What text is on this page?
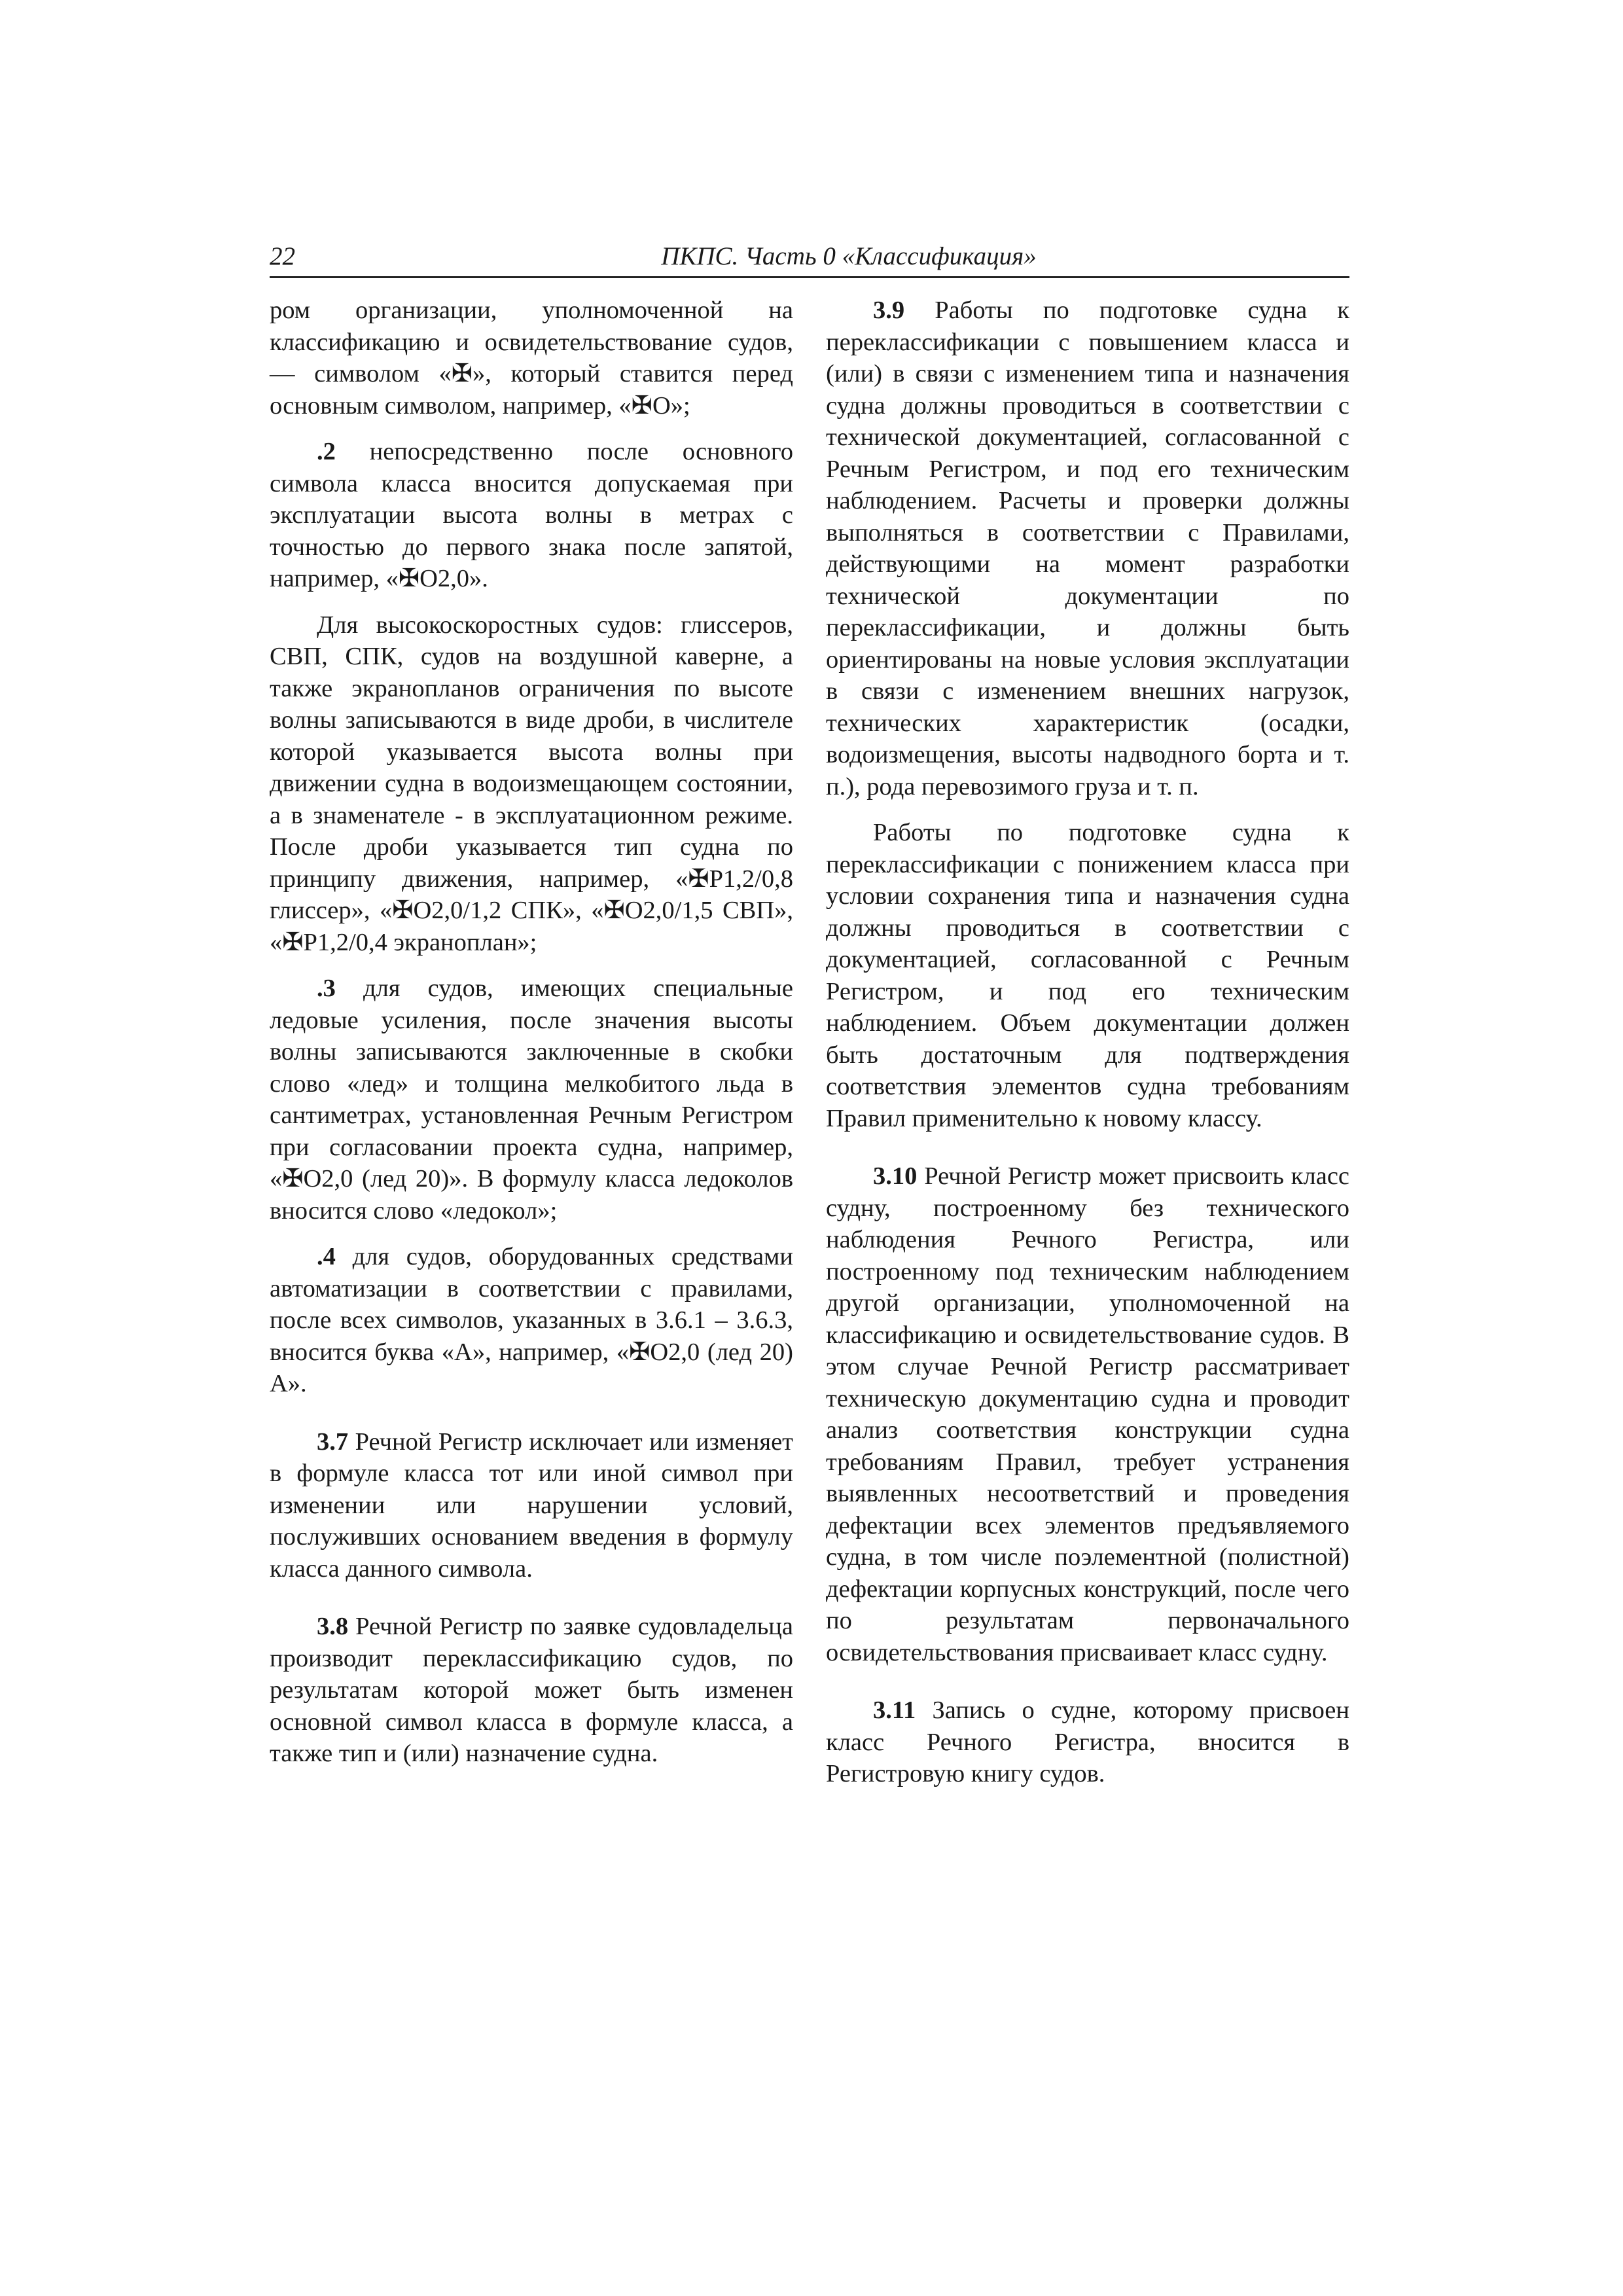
22	ПКПС. Часть 0 «Классификация»

ром организации, уполномоченной на классификацию и освидетельствование судов, — символом «✠», который ставится перед основным символом, например, «✠О»;

.2 непосредственно после основного символа класса вносится допускаемая при эксплуатации высота волны в метрах с точностью до первого знака после запятой, например, «✠О2,0».

Для высокоскоростных судов: глиссеров, СВП, СПК, судов на воздушной каверне, а также экранопланов ограничения по высоте волны записываются в виде дроби, в числителе которой указывается высота волны при движении судна в водоизмещающем состоянии, а в знаменателе - в эксплуатационном режиме. После дроби указывается тип судна по принципу движения, например, «✠Р1,2/0,8 глиссер», «✠О2,0/1,2 СПК», «✠О2,0/1,5 СВП», «✠Р1,2/0,4 экраноплан»;

.3 для судов, имеющих специальные ледовые усиления, после значения высоты волны записываются заключенные в скобки слово «лед» и толщина мелкобитого льда в сантиметрах, установленная Речным Регистром при согласовании проекта судна, например, «✠О2,0 (лед 20)». В формулу класса ледоколов вносится слово «ледокол»;

.4 для судов, оборудованных средствами автоматизации в соответствии с правилами, после всех символов, указанных в 3.6.1 – 3.6.3, вносится буква «А», например, «✠О2,0 (лед 20) А».

3.7 Речной Регистр исключает или изменяет в формуле класса тот или иной символ при изменении или нарушении условий, послуживших основанием введения в формулу класса данного символа.

3.8 Речной Регистр по заявке судовладельца производит переклассификацию судов, по результатам которой может быть изменен основной символ класса в формуле класса, а также тип и (или) назначение судна.

3.9 Работы по подготовке судна к переклассификации с повышением класса и (или) в связи с изменением типа и назначения судна должны проводиться в соответствии с технической документацией, согласованной с Речным Регистром, и под его техническим наблюдением. Расчеты и проверки должны выполняться в соответствии с Правилами, действующими на момент разработки технической документации по переклассификации, и должны быть ориентированы на новые условия эксплуатации в связи с изменением внешних нагрузок, технических характеристик (осадки, водоизмещения, высоты надводного борта и т. п.), рода перевозимого груза и т. п.

Работы по подготовке судна к переклассификации с понижением класса при условии сохранения типа и назначения судна должны проводиться в соответствии с документацией, согласованной с Речным Регистром, и под его техническим наблюдением. Объем документации должен быть достаточным для подтверждения соответствия элементов судна требованиям Правил применительно к новому классу.

3.10 Речной Регистр может присвоить класс судну, построенному без технического наблюдения Речного Регистра, или построенному под техническим наблюдением другой организации, уполномоченной на классификацию и освидетельствование судов. В этом случае Речной Регистр рассматривает техническую документацию судна и проводит анализ соответствия конструкции судна требованиям Правил, требует устранения выявленных несоответствий и проведения дефектации всех элементов предъявляемого судна, в том числе поэлементной (полистной) дефектации корпусных конструкций, после чего по результатам первоначального освидетельствования присваивает класс судну.

3.11 Запись о судне, которому присвоен класс Речного Регистра, вносится в Регистровую книгу судов.
